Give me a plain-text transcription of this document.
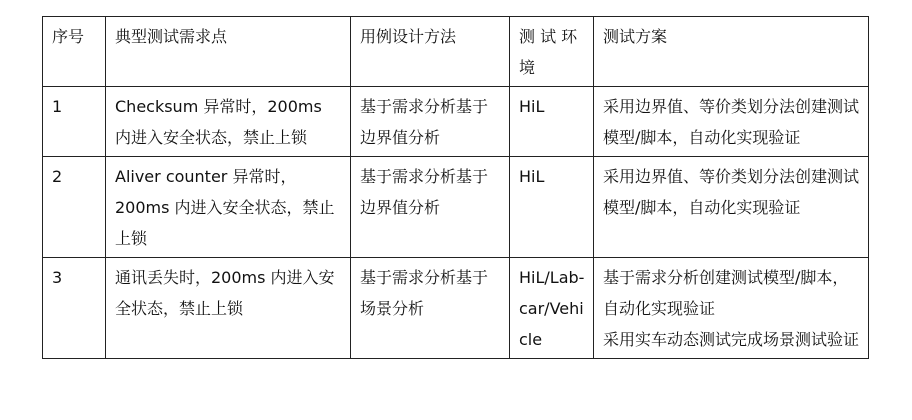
序号	典型测试需求点	用例设计方法	测 试 环境	测试方案
1	Checksum 异常时，200ms 内进入安全状态，禁止上锁	基于需求分析基于边界值分析	HiL	采用边界值、等价类划分法创建测试模型/脚本，自动化实现验证
2	Aliver counter 异常时，200ms 内进入安全状态，禁止上锁	基于需求分析基于边界值分析	HiL	采用边界值、等价类划分法创建测试模型/脚本，自动化实现验证
3	通讯丢失时，200ms 内进入安全状态，禁止上锁	基于需求分析基于场景分析	HiL/Lab-car/Vehicle	基于需求分析创建测试模型/脚本，自动化实现验证
采用实车动态测试完成场景测试验证
